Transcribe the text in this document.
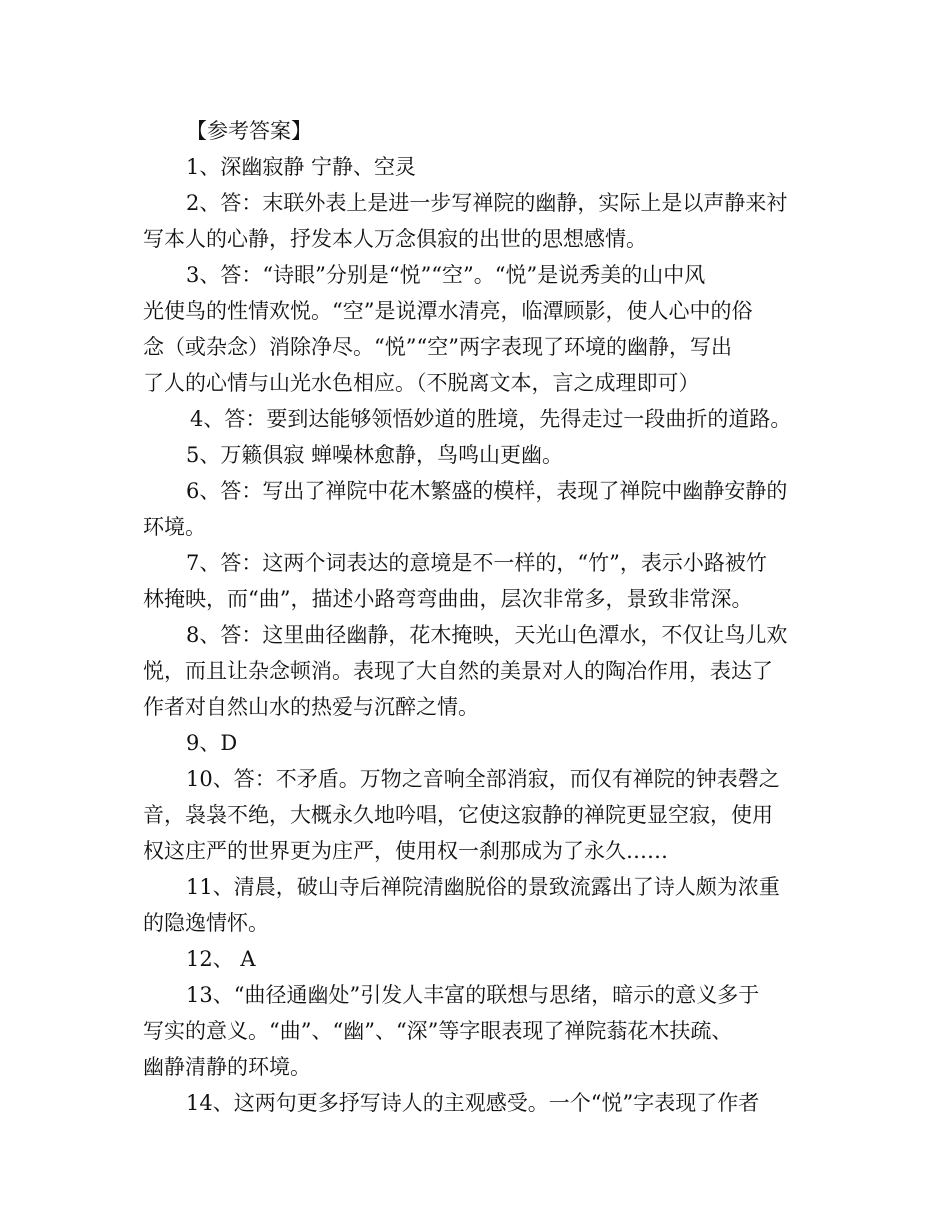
【参考答案】
1、深幽寂静 宁静、空灵
2、答：末联外表上是进一步写禅院的幽静，实际上是以声静来衬
写本人的心静，抒发本人万念俱寂的出世的思想感情。
3、答：“诗眼”分别是“悦”“空”。“悦”是说秀美的山中风
光使鸟的性情欢悦。“空”是说潭水清亮，临潭顾影，使人心中的俗
念（或杂念）消除净尽。“悦”“空”两字表现了环境的幽静，写出
了人的心情与山光水色相应。（不脱离文本，言之成理即可）
4、答：要到达能够领悟妙道的胜境，先得走过一段曲折的道路。
5、万籁俱寂 蝉噪林愈静，鸟鸣山更幽。
6、答：写出了禅院中花木繁盛的模样，表现了禅院中幽静安静的
环境。
7、答：这两个词表达的意境是不一样的，“竹”，表示小路被竹
林掩映，而“曲”，描述小路弯弯曲曲，层次非常多，景致非常深。
8、答：这里曲径幽静，花木掩映，天光山色潭水，不仅让鸟儿欢
悦，而且让杂念顿消。表现了大自然的美景对人的陶冶作用，表达了
作者对自然山水的热爱与沉醉之情。
9、D
10、答：不矛盾。万物之音响全部消寂，而仅有禅院的钟表磬之
音，袅袅不绝，大概永久地吟唱，它使这寂静的禅院更显空寂，使用
权这庄严的世界更为庄严，使用权一刹那成为了永久……
11、清晨，破山寺后禅院清幽脱俗的景致流露出了诗人颇为浓重
的隐逸情怀。
12、 A
13、“曲径通幽处”引发人丰富的联想与思绪，暗示的意义多于
写实的意义。“曲”、“幽”、“深”等字眼表现了禅院蓊花木扶疏、
幽静清静的环境。
14、这两句更多抒写诗人的主观感受。一个“悦”字表现了作者
